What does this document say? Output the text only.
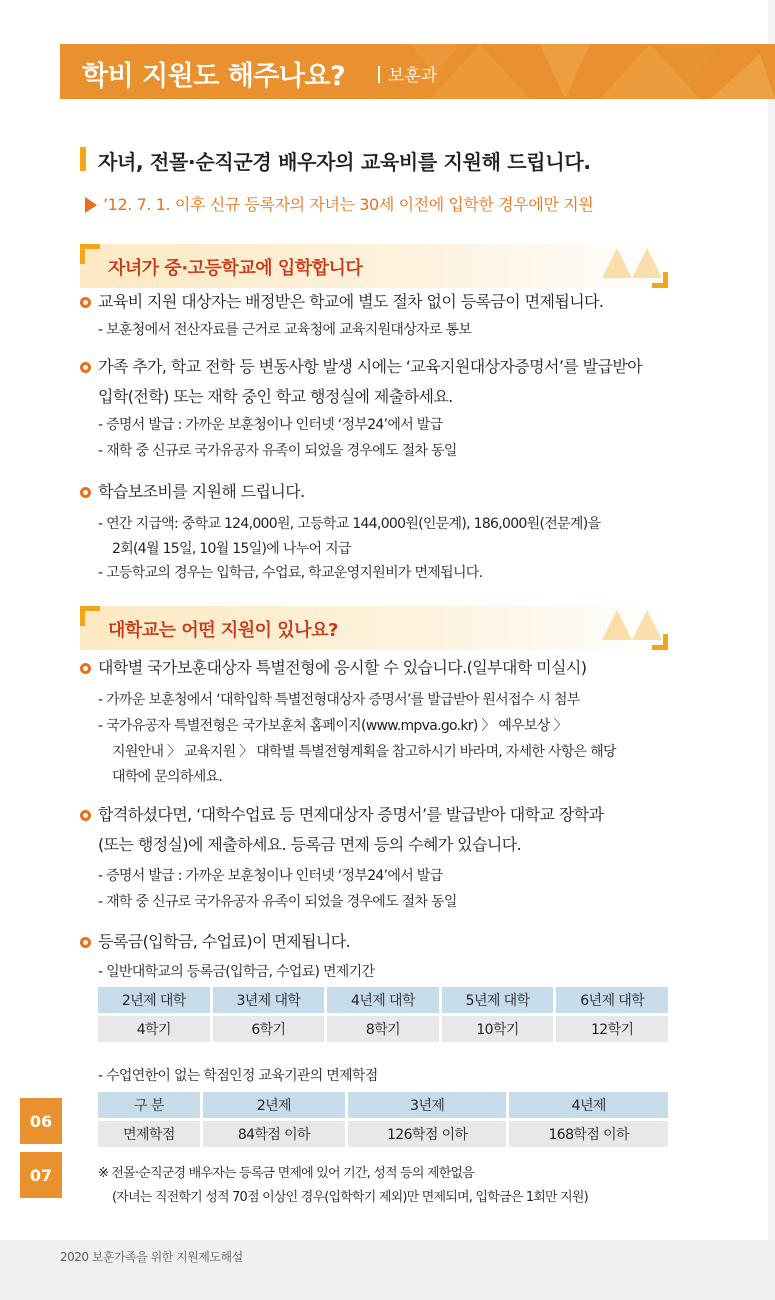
학비 지원도 해주나요?	보훈과
자녀, 전몰·순직군경 배우자의 교육비를 지원해 드립니다.
’12. 7. 1. 이후 신규 등록자의 자녀는 30세 이전에 입학한 경우에만 지원
자녀가 중·고등학교에 입학합니다
교육비 지원 대상자는 배정받은 학교에 별도 절차 없이 등록금이 면제됩니다.
- 보훈청에서 전산자료를 근거로 교육청에 교육지원대상자로 통보
가족 추가, 학교 전학 등 변동사항 발생 시에는 ‘교육지원대상자증명서’를 발급받아
입학(전학) 또는 재학 중인 학교 행정실에 제출하세요.
- 증명서 발급 : 가까운 보훈청이나 인터넷 ‘정부24’에서 발급
- 재학 중 신규로 국가유공자 유족이 되었을 경우에도 절차 동일
학습보조비를 지원해 드립니다.
- 연간 지급액: 중학교 124,000원, 고등학교 144,000원(인문계), 186,000원(전문계)을
2회(4월 15일, 10월 15일)에 나누어 지급
- 고등학교의 경우는 입학금, 수업료, 학교운영지원비가 면제됩니다.
대학교는 어떤 지원이 있나요?
대학별 국가보훈대상자 특별전형에 응시할 수 있습니다.(일부대학 미실시)
- 가까운 보훈청에서 ‘대학입학 특별전형대상자 증명서’를 발급받아 원서접수 시 첨부
- 국가유공자 특별전형은 국가보훈처 홈페이지(www.mpva.go.kr) 〉 예우보상 〉
지원안내 〉 교육지원 〉 대학별 특별전형계획을 참고하시기 바라며, 자세한 사항은 해당
대학에 문의하세요.
합격하셨다면, ‘대학수업료 등 면제대상자 증명서’를 발급받아 대학교 장학과
(또는 행정실)에 제출하세요. 등록금 면제 등의 수혜가 있습니다.
- 증명서 발급 : 가까운 보훈청이나 인터넷 ‘정부24’에서 발급
- 재학 중 신규로 국가유공자 유족이 되었을 경우에도 절차 동일
등록금(입학금, 수업료)이 면제됩니다.
- 일반대학교의 등록금(입학금, 수업료) 면제기간
2년제 대학	3년제 대학	4년제 대학	5년제 대학	6년제 대학
4학기	6학기	8학기	10학기	12학기
- 수업연한이 없는 학점인정 교육기관의 면제학점
구 분	2년제	3년제	4년제
면제학점	84학점 이하	126학점 이하	168학점 이하
※ 전몰·순직군경 배우자는 등록금 면제에 있어 기간, 성적 등의 제한없음
(자녀는 직전학기 성적 70점 이상인 경우(입학학기 제외)만 면제되며, 입학금은 1회만 지원)
06
07
2020 보훈가족을 위한 지원제도해설
